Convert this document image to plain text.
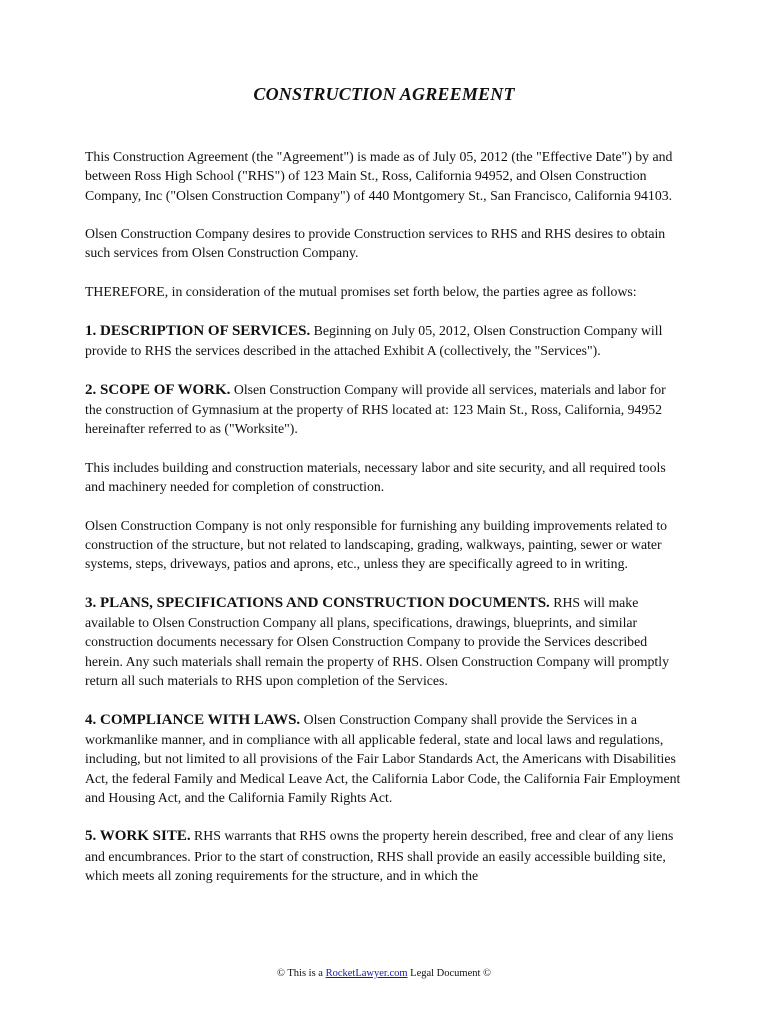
CONSTRUCTION AGREEMENT

This Construction Agreement (the "Agreement") is made as of July 05, 2012 (the "Effective Date") by and between Ross High School ("RHS") of 123 Main St., Ross, California 94952, and Olsen Construction Company, Inc ("Olsen Construction Company") of 440 Montgomery St., San Francisco, California 94103.

Olsen Construction Company desires to provide Construction services to RHS and RHS desires to obtain such services from Olsen Construction Company.

THEREFORE, in consideration of the mutual promises set forth below, the parties agree as follows:

1. DESCRIPTION OF SERVICES. Beginning on July 05, 2012, Olsen Construction Company will provide to RHS the services described in the attached Exhibit A (collectively, the "Services").

2. SCOPE OF WORK. Olsen Construction Company will provide all services, materials and labor for the construction of Gymnasium at the property of RHS located at: 123 Main St., Ross, California, 94952 hereinafter referred to as ("Worksite").

This includes building and construction materials, necessary labor and site security, and all required tools and machinery needed for completion of construction.

Olsen Construction Company is not only responsible for furnishing any building improvements related to construction of the structure, but not related to landscaping, grading, walkways, painting, sewer or water systems, steps, driveways, patios and aprons, etc., unless they are specifically agreed to in writing.

3. PLANS, SPECIFICATIONS AND CONSTRUCTION DOCUMENTS. RHS will make available to Olsen Construction Company all plans, specifications, drawings, blueprints, and similar construction documents necessary for Olsen Construction Company to provide the Services described herein. Any such materials shall remain the property of RHS. Olsen Construction Company will promptly return all such materials to RHS upon completion of the Services.

4. COMPLIANCE WITH LAWS. Olsen Construction Company shall provide the Services in a workmanlike manner, and in compliance with all applicable federal, state and local laws and regulations, including, but not limited to all provisions of the Fair Labor Standards Act, the Americans with Disabilities Act, the federal Family and Medical Leave Act, the California Labor Code, the California Fair Employment and Housing Act, and the California Family Rights Act.

5. WORK SITE. RHS warrants that RHS owns the property herein described, free and clear of any liens and encumbrances. Prior to the start of construction, RHS shall provide an easily accessible building site, which meets all zoning requirements for the structure, and in which the

© This is a RocketLawyer.com Legal Document ©
